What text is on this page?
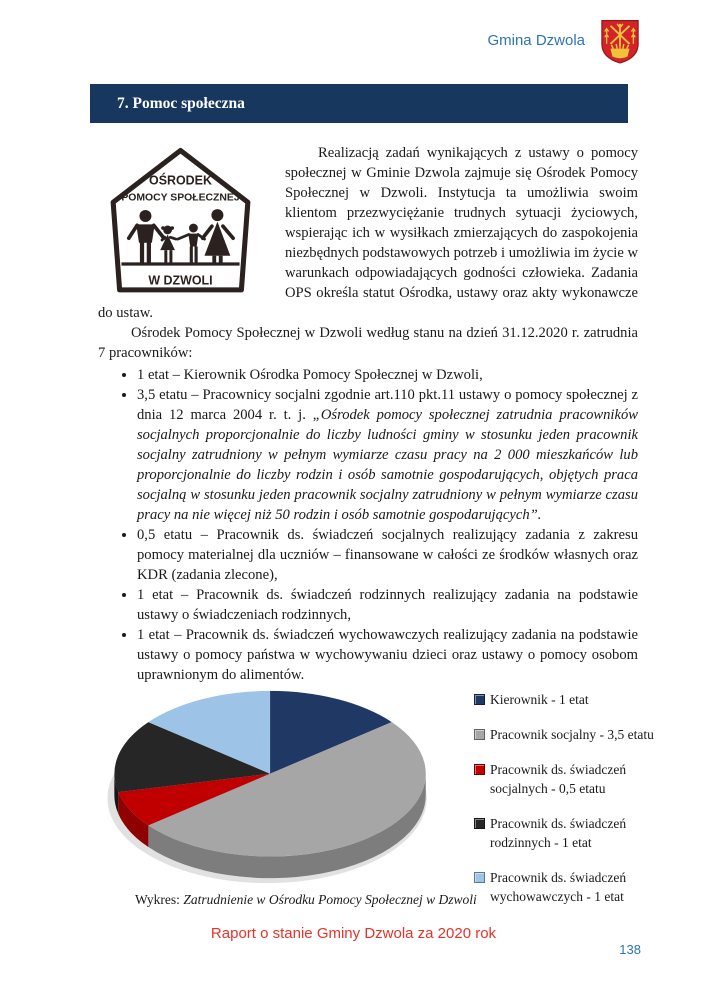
Gmina Dzwola
7. Pomoc społeczna
OŚRODEK
POMOCY SPOŁECZNEJ
W DZWOLI

Realizacją zadań wynikających z ustawy o pomocy społecznej w Gminie Dzwola zajmuje się Ośrodek Pomocy Społecznej w Dzwoli. Instytucja ta umożliwia swoim klientom przezwyciężanie trudnych sytuacji życiowych, wspierając ich w wysiłkach zmierzających do zaspokojenia niezbędnych podstawowych potrzeb i umożliwia im życie w warunkach odpowiadających godności człowieka. Zadania OPS określa statut Ośrodka, ustawy oraz akty wykonawcze do ustaw.

Ośrodek Pomocy Społecznej w Dzwoli według stanu na dzień 31.12.2020 r. zatrudnia 7 pracowników:

• 1 etat – Kierownik Ośrodka Pomocy Społecznej w Dzwoli,
• 3,5 etatu – Pracownicy socjalni zgodnie art.110 pkt.11 ustawy o pomocy społecznej z dnia 12 marca 2004 r. t. j. „Ośrodek pomocy społecznej zatrudnia pracowników socjalnych proporcjonalnie do liczby ludności gminy w stosunku jeden pracownik socjalny zatrudniony w pełnym wymiarze czasu pracy na 2 000 mieszkańców lub proporcjonalnie do liczby rodzin i osób samotnie gospodarujących, objętych praca socjalną w stosunku jeden pracownik socjalny zatrudniony w pełnym wymiarze czasu pracy na nie więcej niż 50 rodzin i osób samotnie gospodarujących”.
• 0,5 etatu – Pracownik ds. świadczeń socjalnych realizujący zadania z zakresu pomocy materialnej dla uczniów – finansowane w całości ze środków własnych oraz KDR (zadania zlecone),
• 1 etat – Pracownik ds. świadczeń rodzinnych realizujący zadania na podstawie ustawy o świadczeniach rodzinnych,
• 1 etat – Pracownik ds. świadczeń wychowawczych realizujący zadania na podstawie ustawy o pomocy państwa w wychowywaniu dzieci oraz ustawy o pomocy osobom uprawnionym do alimentów.
Kierownik - 1 etat
Pracownik socjalny - 3,5 etatu
Pracownik ds. świadczeń socjalnych - 0,5 etatu
Pracownik ds. świadczeń rodzinnych - 1 etat
Pracownik ds. świadczeń wychowawczych - 1 etat

Wykres: Zatrudnienie w Ośrodku Pomocy Społecznej w Dzwoli

Raport o stanie Gminy Dzwola za 2020 rok

138
